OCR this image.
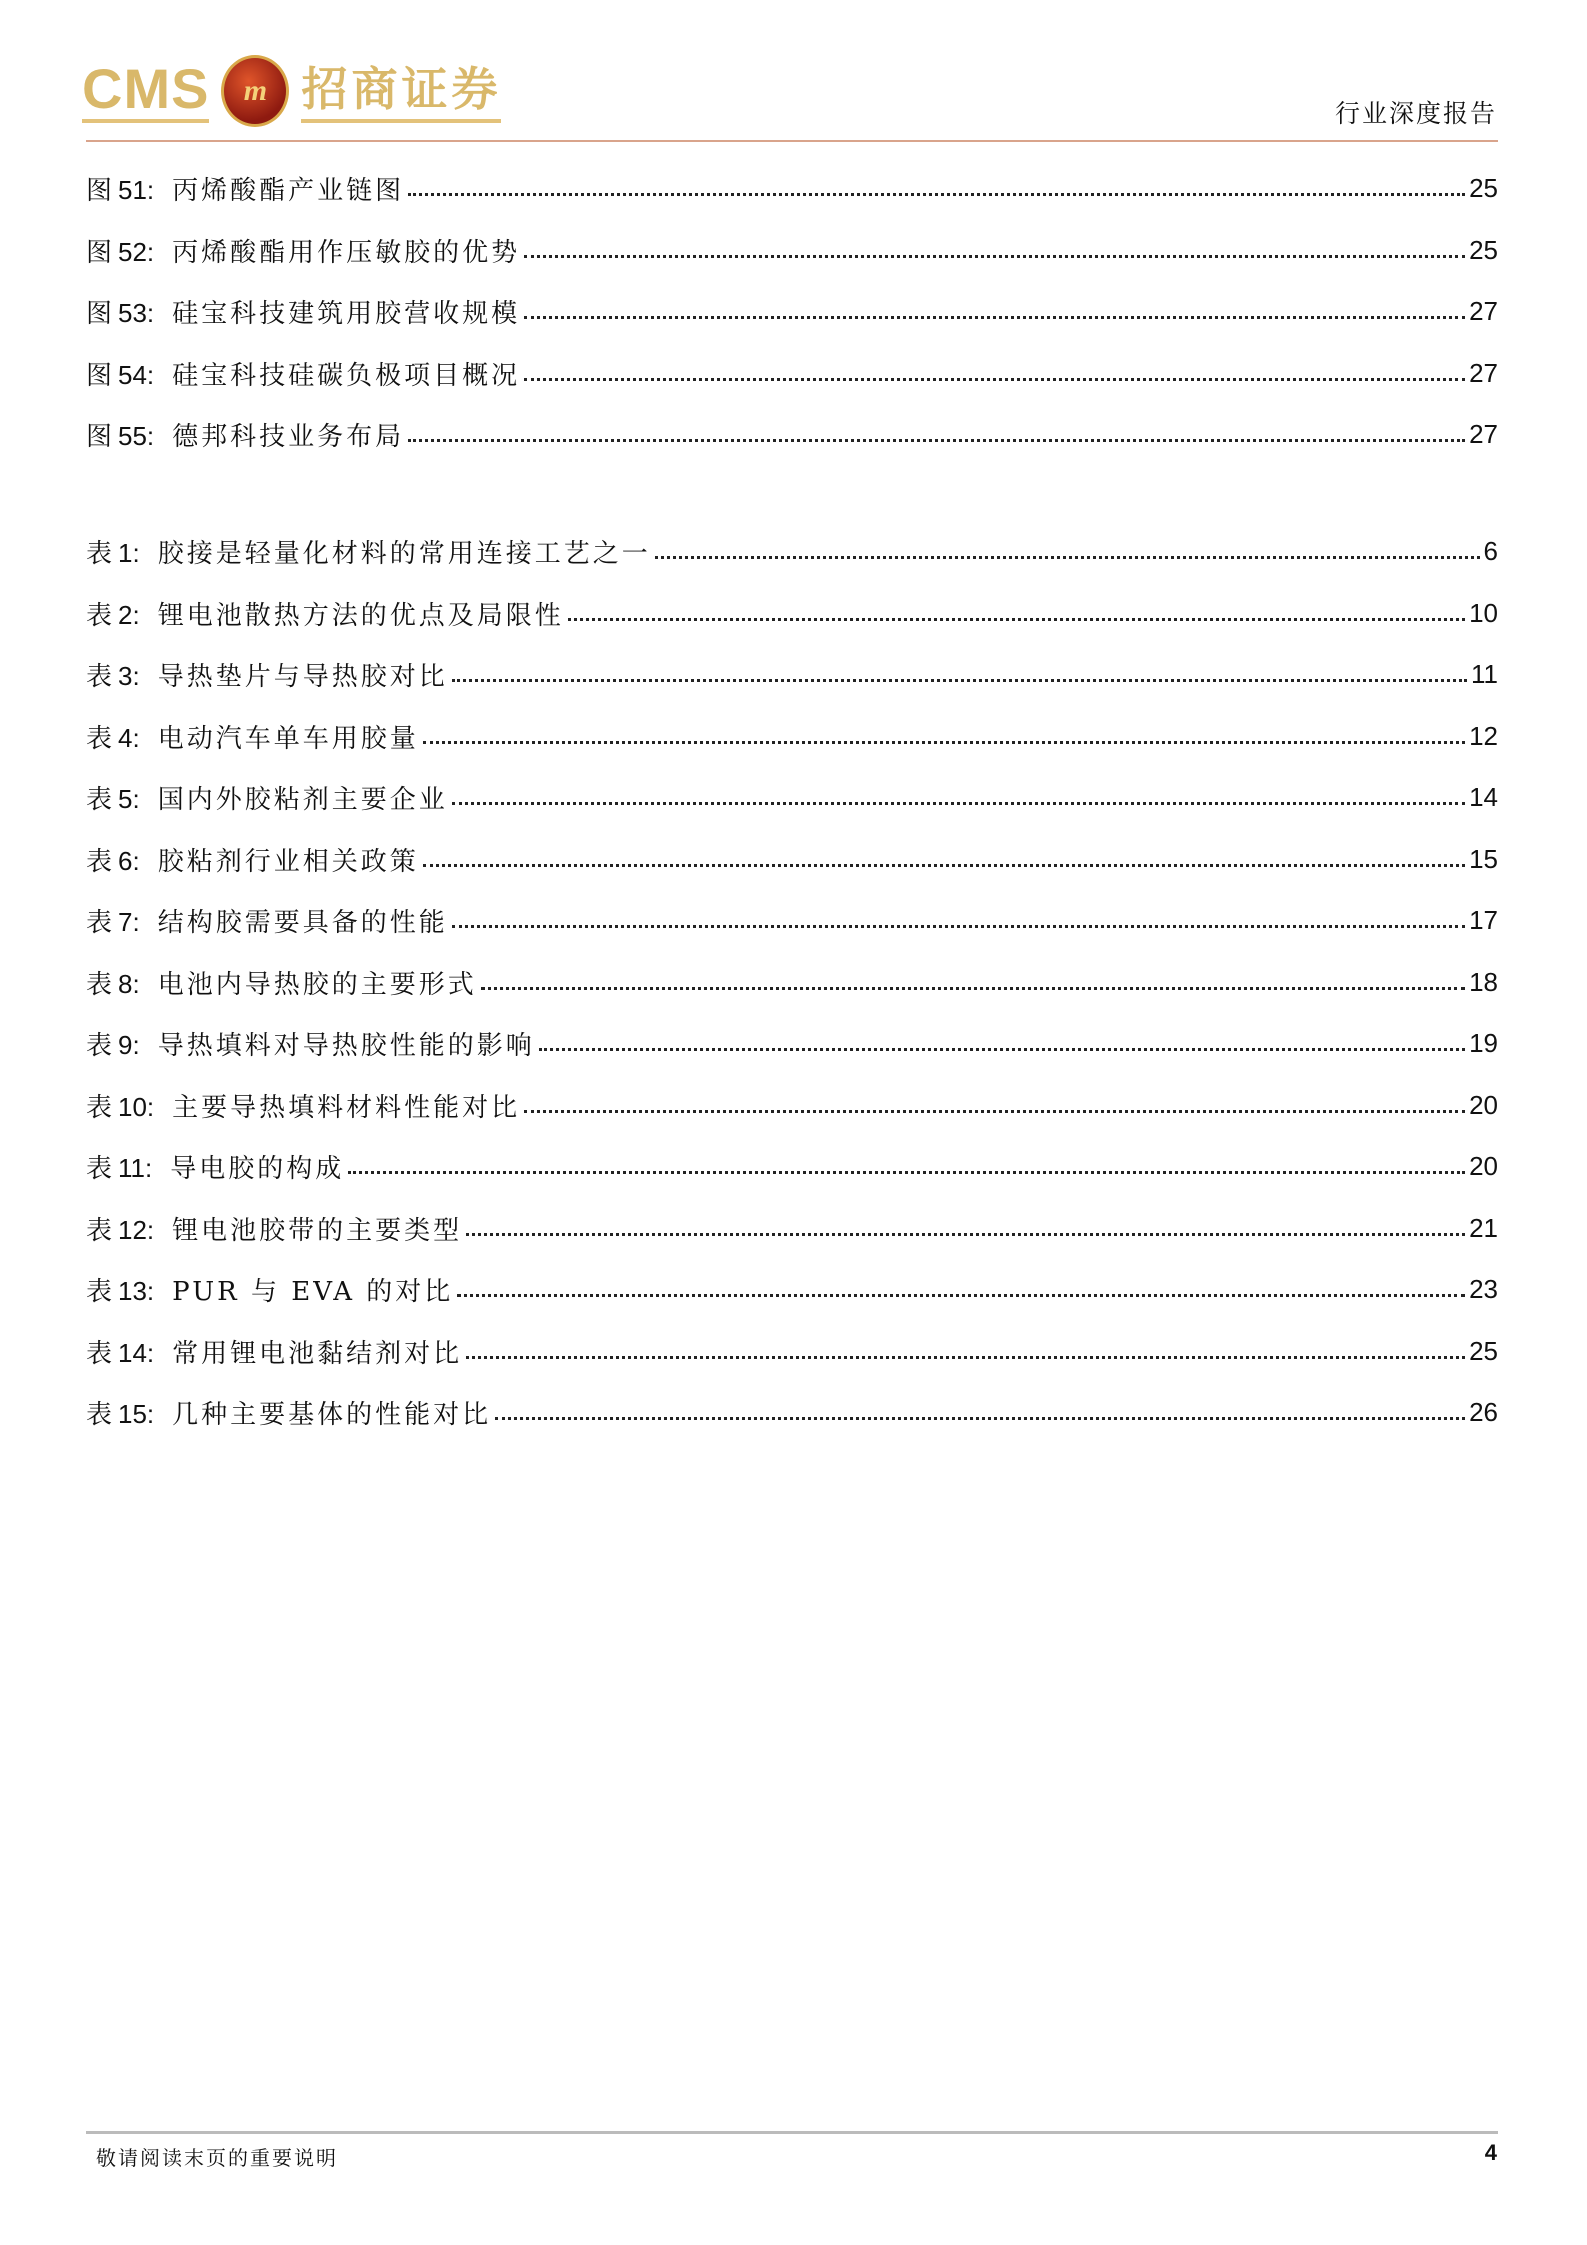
CMS	m 招商证券	行业深度报告
图 51: 丙烯酸酯产业链图	25
图 52: 丙烯酸酯用作压敏胶的优势	25
图 53: 硅宝科技建筑用胶营收规模	27
图 54: 硅宝科技硅碳负极项目概况	27
图 55: 德邦科技业务布局	27
表 1: 胶接是轻量化材料的常用连接工艺之一	6
表 2: 锂电池散热方法的优点及局限性	10
表 3: 导热垫片与导热胶对比	11
表 4: 电动汽车单车用胶量	12
表 5: 国内外胶粘剂主要企业	14
表 6: 胶粘剂行业相关政策	15
表 7: 结构胶需要具备的性能	17
表 8: 电池内导热胶的主要形式	18
表 9: 导热填料对导热胶性能的影响	19
表 10: 主要导热填料材料性能对比	20
表 11: 导电胶的构成	20
表 12: 锂电池胶带的主要类型	21
表 13: PUR 与 EVA 的对比	23
表 14: 常用锂电池黏结剂对比	25
表 15: 几种主要基体的性能对比	26
敬请阅读末页的重要说明	4
